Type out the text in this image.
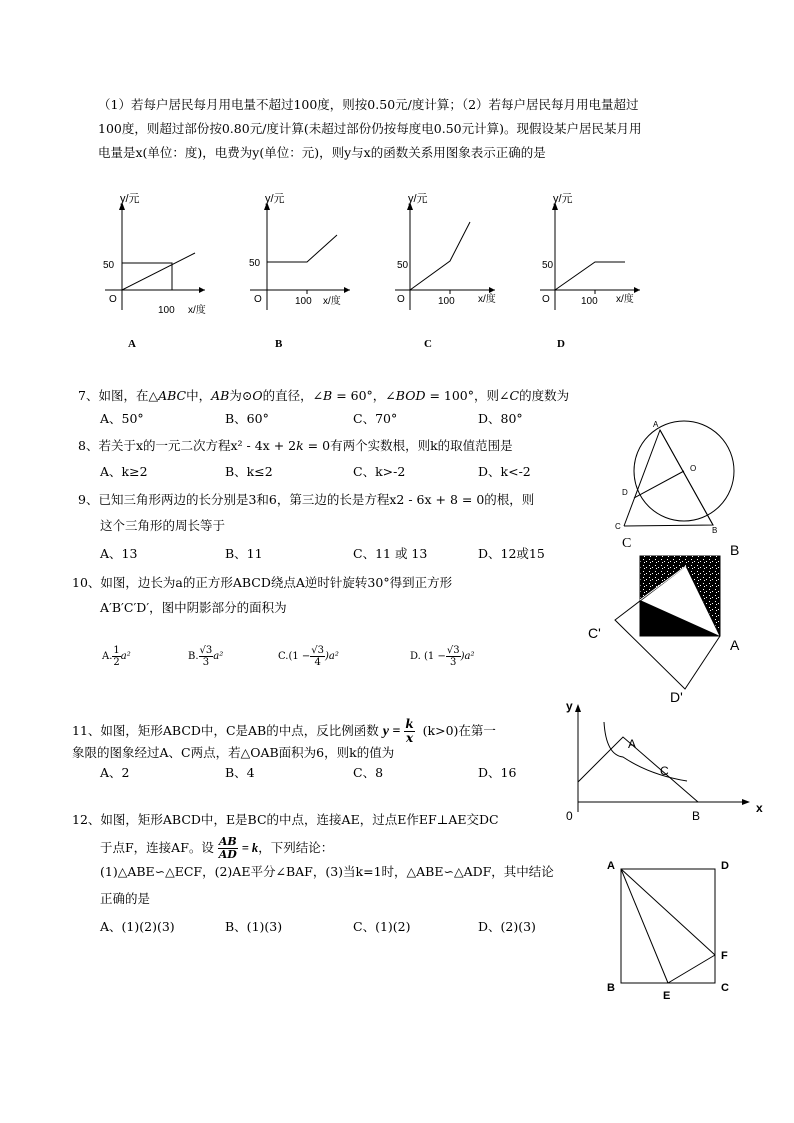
（1）若每户居民每月用电量不超过100度，则按0.50元/度计算；（2）若每户居民每月用电量超过
100度，则超过部份按0.80元/度计算(未超过部份仍按每度电0.50元计算)。现假设某户居民某月用
电量是x(单位：度)，电费为y(单位：元)，则y与x的函数关系用图象表示正确的是
y/元
50
O
100 x/度
y/元
50
O	100 x/度
y/元
50
O	100 x/度
y/元
50
O	100 x/度
A	B	C	D
7、如图，在△ABC中，AB为⊙O的直径，∠B = 60°，∠BOD = 100°，则∠C的度数为
A、50°	B、60°	C、70°	D、80°	A
O
D
C	B
8、若关于x的一元二次方程x² - 4x + 2k = 0有两个实数根，则k的取值范围是
A、k≥2	B、k≤2	C、k>-2	D、k<-2
9、已知三角形两边的长分别是3和6，第三边的长是方程x2 - 6x + 8 = 0的根，则
这个三角形的周长等于
A、13	B、11	C、11 或 13	D、12或15
C
10、如图，边长为a的正方形ABCD绕点A逆时针旋转30°得到正方形
A′B′C′D′，图中阴影部分的面积为
A. $\frac{1}{2} a^2$	B. $\frac{√3}{3} a^2$	$C.(1 - \frac{√3}{4} )a^2$	D. $(1 - \frac{√3}{3} )a^2$
B
C'	D
A
D'
11、如图，矩形ABCD中，C是AB的中点，反比例函数 $y = \frac{k}{x} (k>0)$在第一
象限的图象经过A、C两点，若△OAB面积为6，则k的值为
A、2	B、4	C、8	D、16
y
x
A
C
0	B
12、如图，矩形ABCD中，E是BC的中点，连接AE，过点E作EF⊥AE交DC
于点F，连接AF。设 $\frac{AB}{AD} = k$，下列结论：
(1)△ABE∽△ECF，(2)AE平分∠BAF，(3)当k=1时，△ABE∽△ADF，其中结论
正确的是
A、(1)(2)(3)	B、(1)(3)	C、(1)(2)	D、(2)(3)
A	D
F
B
E
C
